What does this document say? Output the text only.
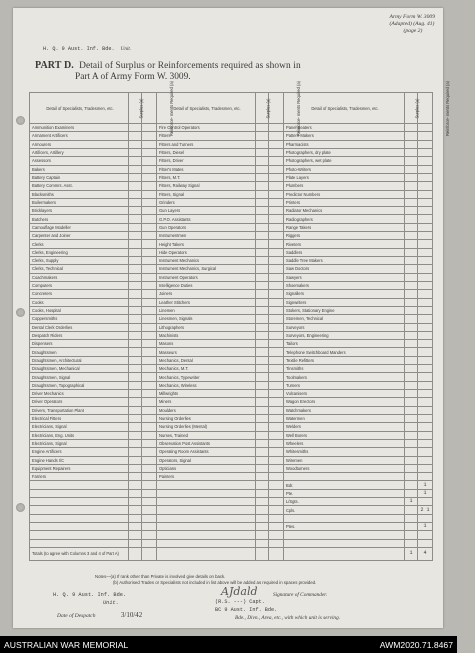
Army Form W. 3009
(Adapted) (Aug. 41)
(page 2)
H. Q. 9 Aust. Inf. Bde. Unit.
PART D. Detail of Surplus or Reinforcements required as shown in
Part A of Army Form W. 3009.
Detail of Specialists, Tradesmen, etc.	Surplus (a)	Reinforce- ments Required (a)	Detail of Specialists, Tradesmen, etc.	Surplus (a)	Reinforce- ments Required (a)	Detail of Specialists, Tradesmen, etc.	Surplus (a)	Reinforce- ments Required (a)
Ammunition Examiners			Fire Control Operators			Panel Beaters		
Armament Artificers			Fitters			Pattern Makers		
Armourers			Fitters and Turners			Pharmacists		
Artificers, Artillery			Fitters, Diesel			Photographers, dry plate		
Assessors			Fitters, Driver			Photographers, wet plate		
Bakers			Fitter's Mates			Photo-Writers		
Battery Captain			Fitters, M.T.			Plate Layers		
Battery Commrs. Asst.			Fitters, Railway Signal			Plumbers		
Blacksmiths			Fitters, Signal			Predictor Numbers		
Boilermakers			Grinders			Printers		
Bricklayers			Gun Layers			Radiator Mechanics		
Butchers			G.P.O. Assistants			Radiographers		
Camouflage Modeller			Gun Operators			Range Takers		
Carpenter and Joiner			Instrumentmen			Riggers		
Clerks			Height Takers			Riveters		
Clerks, Engineering			Hide Operators			Saddlers		
Clerks, Supply			Instrument Mechanics			Saddle Tree Makers		
Clerks, Technical			Instrument Mechanics, Surgical			Saw Doctors		
Coachmakers			Instrument Operators			Sawyers		
Computers			Intelligence Duties			Shoemakers		
Concreters			Joiners			Signallers		
Cooks			Leather Stitchers			Signwriters		
Cooks, Hospital			Linemen			Stokers, Stationary Engine		
Coppersmiths			Linesmen, Signals			Storemen, Technical		
Dental Clerk Orderlies			Lithographers			Surveyors		
Despatch Riders			Machinists			Surveyors, Engineering		
Dispensers			Masons			Tailors		
Draughtsmen			Masseurs			Telephone Switchboard Manders		
Draughtsmen, Architectural			Mechanics, Dental			Textile Refitters		
Draughtsmen, Mechanical			Mechanics, M.T.			Tinsmiths		
Draughtsmen, Signal			Mechanics, Typewriter			Toolmakers		
Draughtsmen, Topographical			Mechanics, Wireless			Turners		
Driver Mechanics			Millwrights			Vulcanisers		
Driver Operators			Miners			Wagon Erectors		
Drivers, Transportation Plant			Moulders			Watchmakers		
Electrical Fitters			Nursing Orderlies			Watermen		
Electricians, Signal			Nursing Orderlies (Mental)			Welders		
Electricians, Eng. Units			Nurses, Trained			Well Borers		
Electricians, Signal			Observation Post Assistants			Wheelers		
Engine Artificers			Operating Room Assistants			Whitesmiths		
Engine Hands I/C			Operators, Signal			Wiremen		
Equipment Repairers			Opticians			Woodturners		
Farriers			Painters					
						Bdr.		1
						Pte.		1
						L/Sgts.	1	
						Cpls.		2 1

						Ptes.		1

Totals (to agree with Columns 3 and 4 of Part A)							1	4
Notes—(a) If rank other than Private is involved give details on back.
(b) Authorised Trades or Specialists not included in list above will be added as required in spaces provided.
H. Q. 9 Aust. Inf. Bde.
Unit.
AJdald	Signature of Commander.
(R.S. ---) Capt.
BC 9 Aust. Inf. Bde.
Date of Despatch	3/10/42	Bde., Divn., Area, etc., with which unit is serving.
AUSTRALIAN WAR MEMORIAL	AWM2020.71.8467
